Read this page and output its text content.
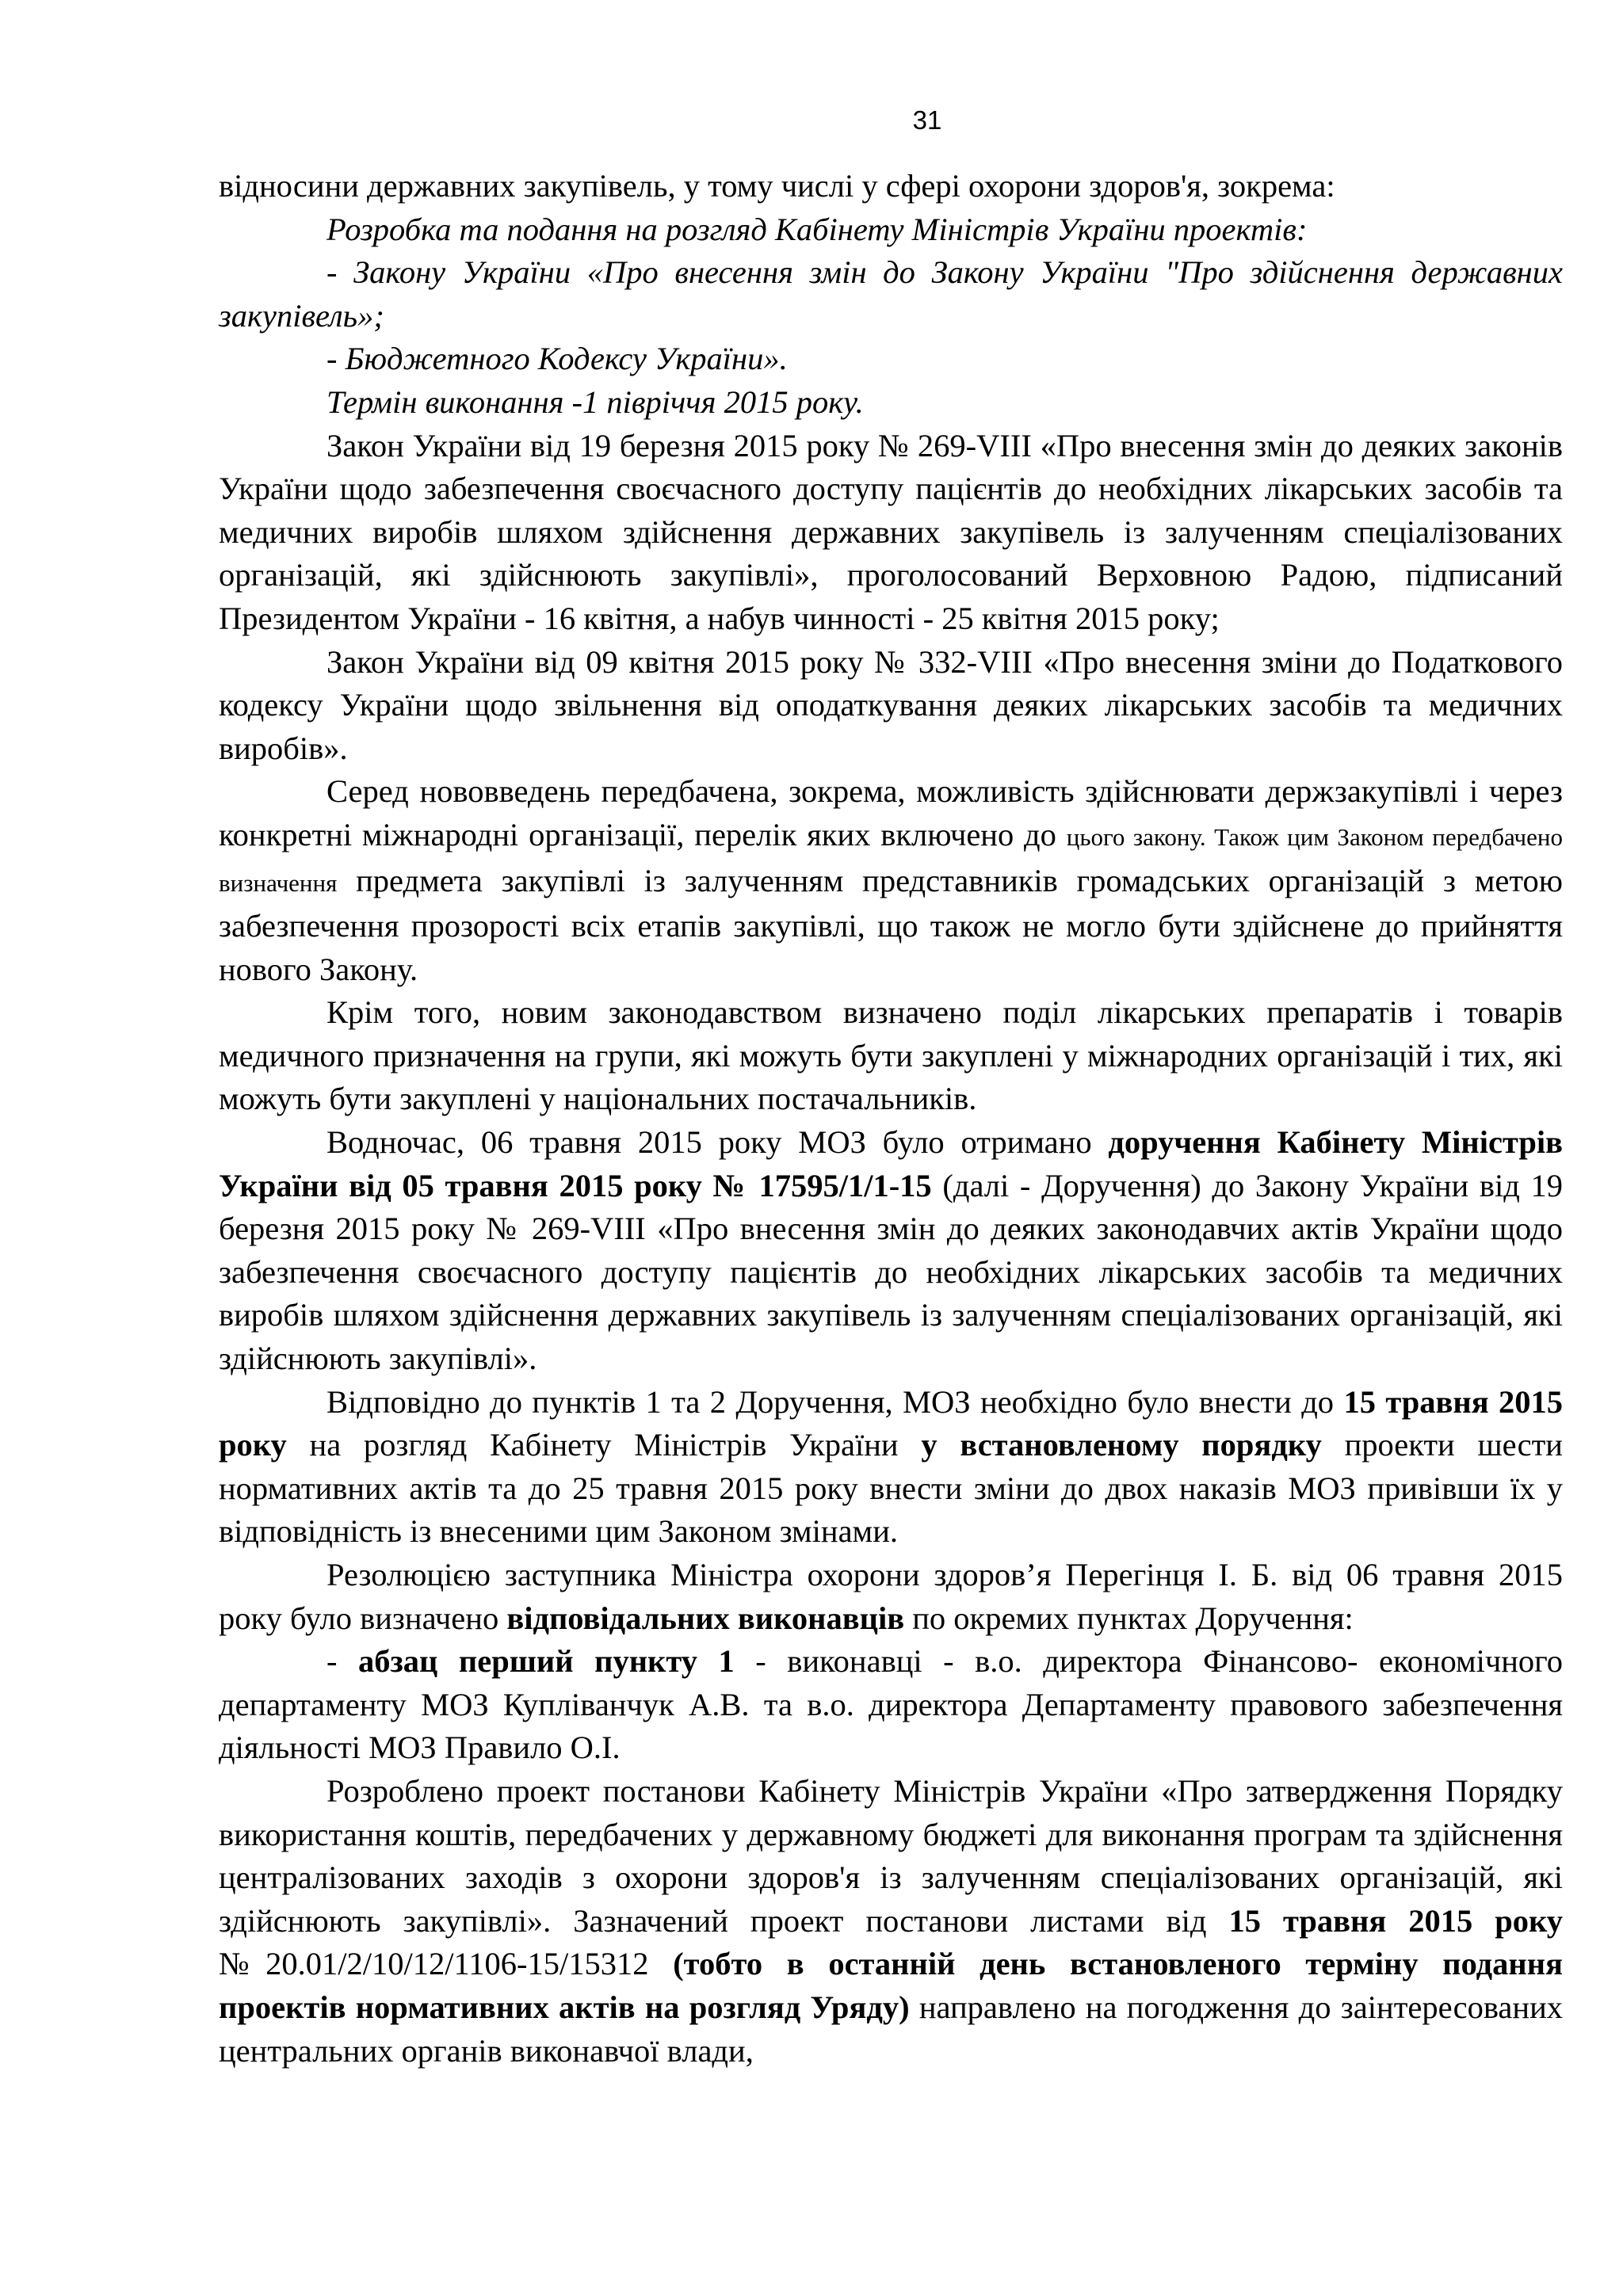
31

відносини державних закупівель, у тому числі у сфері охорони здоров'я, зокрема:

Розробка та подання на розгляд Кабінету Міністрів України проектів:

- Закону України «Про внесення змін до Закону України "Про здійснення державних закупівель»;

- Бюджетного Кодексу України».

Термін виконання -1 півріччя 2015 року.

Закон України від 19 березня 2015 року № 269-VIII «Про внесення змін до деяких законів України щодо забезпечення своєчасного доступу пацієнтів до необхідних лікарських засобів та медичних виробів шляхом здійснення державних закупівель із залученням спеціалізованих організацій, які здійснюють закупівлі», проголосований Верховною Радою, підписаний Президентом України - 16 квітня, а набув чинності - 25 квітня 2015 року;

Закон України від 09 квітня 2015 року № 332-VIII «Про внесення зміни до Податкового кодексу України щодо звільнення від оподаткування деяких лікарських засобів та медичних виробів».

Серед нововведень передбачена, зокрема, можливість здійснювати держзакупівлі і через конкретні міжнародні організації, перелік яких включено до цього закону. Також цим Законом передбачено визначення предмета закупівлі із залученням представників громадських організацій з метою забезпечення прозорості всіх етапів закупівлі, що також не могло бути здійснене до прийняття нового Закону.

Крім того, новим законодавством визначено поділ лікарських препаратів і товарів медичного призначення на групи, які можуть бути закуплені у міжнародних організацій і тих, які можуть бути закуплені у національних постачальників.

Водночас, 06 травня 2015 року МОЗ було отримано доручення Кабінету Міністрів України від 05 травня 2015 року № 17595/1/1-15 (далі - Доручення) до Закону України від 19 березня 2015 року № 269-VIII «Про внесення змін до деяких законодавчих актів України щодо забезпечення своєчасного доступу пацієнтів до необхідних лікарських засобів та медичних виробів шляхом здійснення державних закупівель із залученням спеціалізованих організацій, які здійснюють закупівлі».

Відповідно до пунктів 1 та 2 Доручення, МОЗ необхідно було внести до 15 травня 2015 року на розгляд Кабінету Міністрів України у встановленому порядку проекти шести нормативних актів та до 25 травня 2015 року внести зміни до двох наказів МОЗ привівши їх у відповідність із внесеними цим Законом змінами.

Резолюцією заступника Міністра охорони здоров’я Перегінця І. Б. від 06 травня 2015 року було визначено відповідальних виконавців по окремих пунктах Доручення:

- абзац перший пункту 1 - виконавці - в.о. директора Фінансово- економічного департаменту МОЗ Купліванчук А.В. та в.о. директора Департаменту правового забезпечення діяльності МОЗ Правило О.І.

Розроблено проект постанови Кабінету Міністрів України «Про затвердження Порядку використання коштів, передбачених у державному бюджеті для виконання програм та здійснення централізованих заходів з охорони здоров'я із залученням спеціалізованих організацій, які здійснюють закупівлі». Зазначений проект постанови листами від 15 травня 2015 року №20.01/2/10/12/1106-15/15312 (тобто в останній день встановленого терміну подання проектів нормативних актів на розгляд Уряду) направлено на погодження до заінтересованих центральних органів виконавчої влади,
